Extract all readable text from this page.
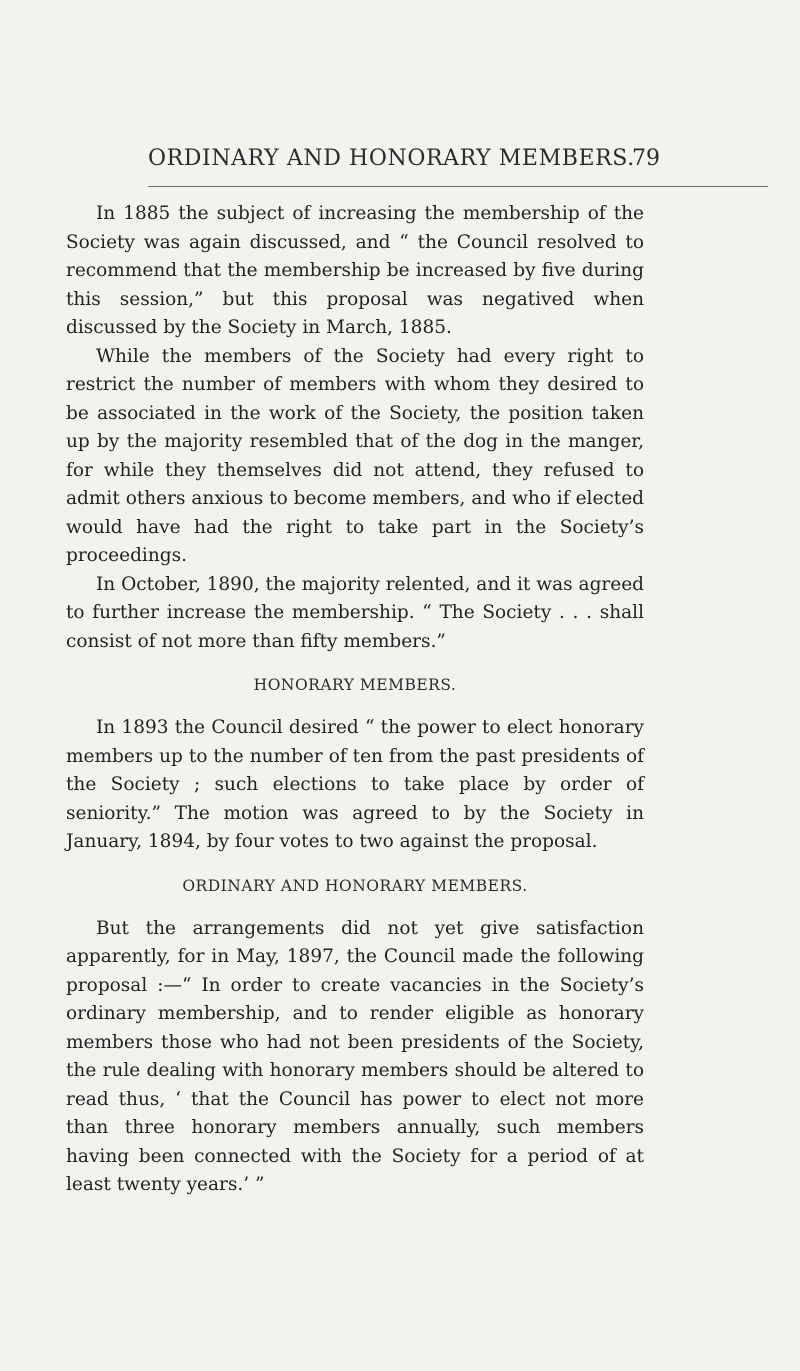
ORDINARY AND HONORARY MEMBERS.
79

In 1885 the subject of increasing the membership of the Society was again discussed, and “ the Council resolved to recommend that the membership be increased by five during this session,” but this proposal was negatived when discussed by the Society in March, 1885.

While the members of the Society had every right to restrict the number of members with whom they desired to be associated in the work of the Society, the position taken up by the majority resembled that of the dog in the manger, for while they themselves did not attend, they refused to admit others anxious to become members, and who if elected would have had the right to take part in the Society’s proceedings.

In October, 1890, the majority relented, and it was agreed to further increase the membership. “ The Society . . . shall consist of not more than fifty members.”

HONORARY MEMBERS.

In 1893 the Council desired “ the power to elect honorary members up to the number of ten from the past presidents of the Society ; such elections to take place by order of seniority.” The motion was agreed to by the Society in January, 1894, by four votes to two against the proposal.

ORDINARY AND HONORARY MEMBERS.

But the arrangements did not yet give satisfaction apparently, for in May, 1897, the Council made the following proposal :—“ In order to create vacancies in the Society’s ordinary membership, and to render eligible as honorary members those who had not been presidents of the Society, the rule dealing with honorary members should be altered to read thus, ‘ that the Council has power to elect not more than three honorary members annually, such members having been connected with the Society for a period of at least twenty years.’ ”
